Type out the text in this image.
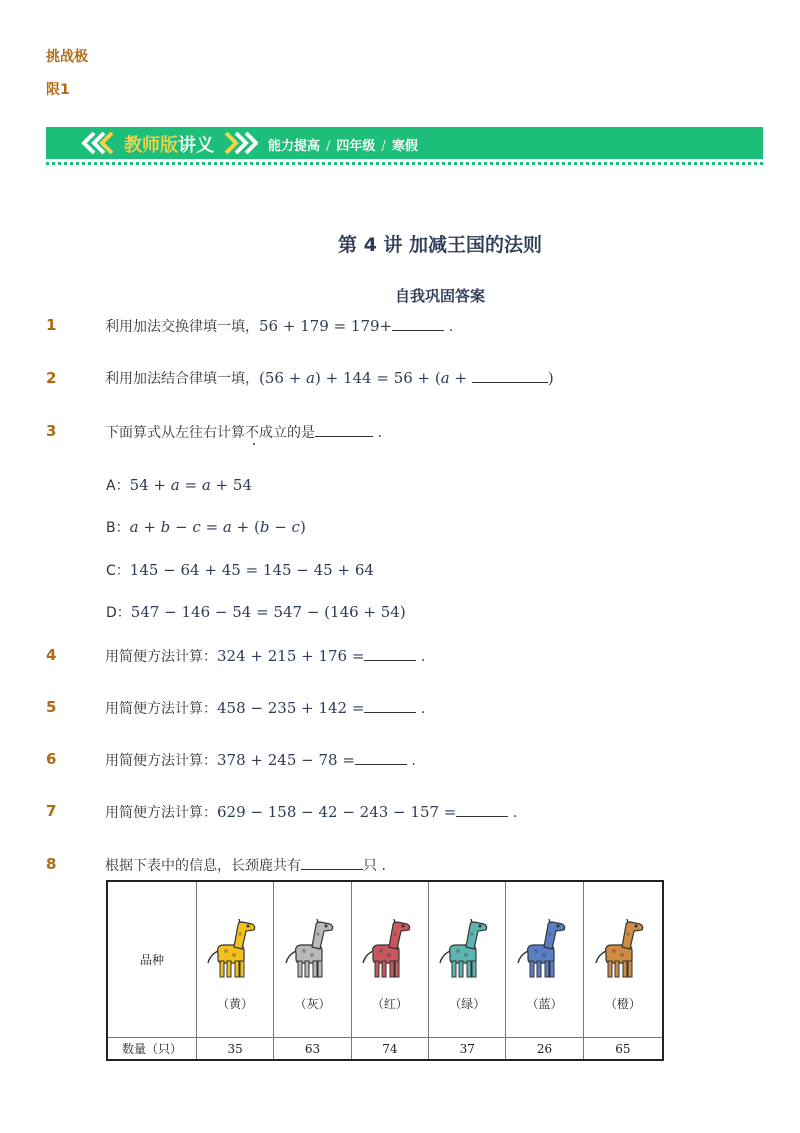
挑战极
限1
教师版讲义	能力提高 / 四年级 / 寒假
第 4 讲 加减王国的法则
自我巩固答案
1	利用加法交换律填一填，56 + 179 = 179+	.
2	利用加法结合律填一填，(56 + a) + 144 = 56 + (a +	)
3	下面算式从左往右计算不成立的是	.
A：54 + a = a + 54
B：a + b − c = a + (b − c)
C：145 − 64 + 45 = 145 − 45 + 64
D：547 − 146 − 54 = 547 − (146 + 54)
4	用简便方法计算：324 + 215 + 176 =	.
5	用简便方法计算：458 − 235 + 142 =	.
6	用简便方法计算：378 + 245 − 78 =	.
7	用简便方法计算：629 − 158 − 42 − 243 − 157 =	.
8	根据下表中的信息，长颈鹿共有	只 .
品种	（黄）	（灰）	（红）	（绿）	（蓝）	（橙）

数量（只）	35	63	74	37	26	65
